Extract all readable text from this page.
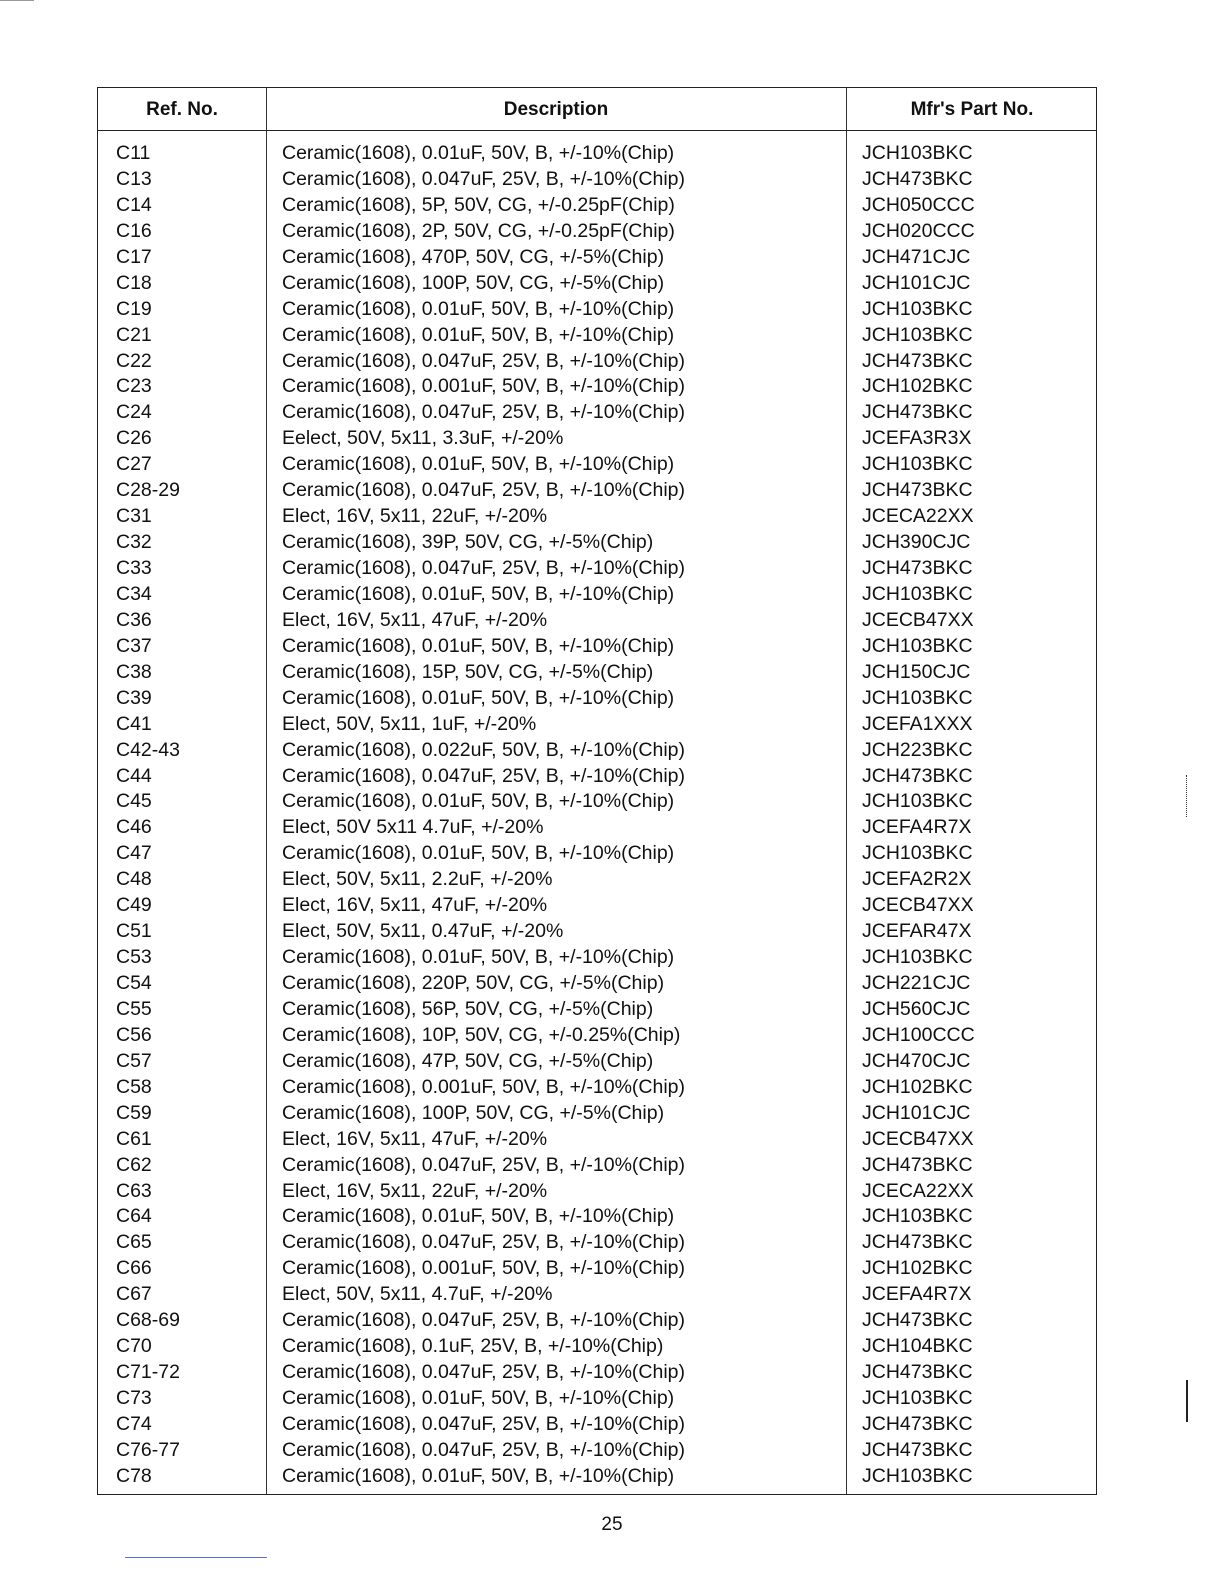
Ref. No.	Description	Mfr's Part No.
C11	Ceramic(1608), 0.01uF, 50V, B, +/-10%(Chip)	JCH103BKC
C13	Ceramic(1608), 0.047uF, 25V, B, +/-10%(Chip)	JCH473BKC
C14	Ceramic(1608), 5P, 50V, CG, +/-0.25pF(Chip)	JCH050CCC
C16	Ceramic(1608), 2P, 50V, CG, +/-0.25pF(Chip)	JCH020CCC
C17	Ceramic(1608), 470P, 50V, CG, +/-5%(Chip)	JCH471CJC
C18	Ceramic(1608), 100P, 50V, CG, +/-5%(Chip)	JCH101CJC
C19	Ceramic(1608), 0.01uF, 50V, B, +/-10%(Chip)	JCH103BKC
C21	Ceramic(1608), 0.01uF, 50V, B, +/-10%(Chip)	JCH103BKC
C22	Ceramic(1608), 0.047uF, 25V, B, +/-10%(Chip)	JCH473BKC
C23	Ceramic(1608), 0.001uF, 50V, B, +/-10%(Chip)	JCH102BKC
C24	Ceramic(1608), 0.047uF, 25V, B, +/-10%(Chip)	JCH473BKC
C26	Eelect, 50V, 5x11, 3.3uF, +/-20%	JCEFA3R3X
C27	Ceramic(1608), 0.01uF, 50V, B, +/-10%(Chip)	JCH103BKC
C28-29	Ceramic(1608), 0.047uF, 25V, B, +/-10%(Chip)	JCH473BKC
C31	Elect, 16V, 5x11, 22uF, +/-20%	JCECA22XX
C32	Ceramic(1608), 39P, 50V, CG, +/-5%(Chip)	JCH390CJC
C33	Ceramic(1608), 0.047uF, 25V, B, +/-10%(Chip)	JCH473BKC
C34	Ceramic(1608), 0.01uF, 50V, B, +/-10%(Chip)	JCH103BKC
C36	Elect, 16V, 5x11, 47uF, +/-20%	JCECB47XX
C37	Ceramic(1608), 0.01uF, 50V, B, +/-10%(Chip)	JCH103BKC
C38	Ceramic(1608), 15P, 50V, CG, +/-5%(Chip)	JCH150CJC
C39	Ceramic(1608), 0.01uF, 50V, B, +/-10%(Chip)	JCH103BKC
C41	Elect, 50V, 5x11, 1uF, +/-20%	JCEFA1XXX
C42-43	Ceramic(1608), 0.022uF, 50V, B, +/-10%(Chip)	JCH223BKC
C44	Ceramic(1608), 0.047uF, 25V, B, +/-10%(Chip)	JCH473BKC
C45	Ceramic(1608), 0.01uF, 50V, B, +/-10%(Chip)	JCH103BKC
C46	Elect, 50V 5x11 4.7uF, +/-20%	JCEFA4R7X
C47	Ceramic(1608), 0.01uF, 50V, B, +/-10%(Chip)	JCH103BKC
C48	Elect, 50V, 5x11, 2.2uF, +/-20%	JCEFA2R2X
C49	Elect, 16V, 5x11, 47uF, +/-20%	JCECB47XX
C51	Elect, 50V, 5x11, 0.47uF, +/-20%	JCEFAR47X
C53	Ceramic(1608), 0.01uF, 50V, B, +/-10%(Chip)	JCH103BKC
C54	Ceramic(1608), 220P, 50V, CG, +/-5%(Chip)	JCH221CJC
C55	Ceramic(1608), 56P, 50V, CG, +/-5%(Chip)	JCH560CJC
C56	Ceramic(1608), 10P, 50V, CG, +/-0.25%(Chip)	JCH100CCC
C57	Ceramic(1608), 47P, 50V, CG, +/-5%(Chip)	JCH470CJC
C58	Ceramic(1608), 0.001uF, 50V, B, +/-10%(Chip)	JCH102BKC
C59	Ceramic(1608), 100P, 50V, CG, +/-5%(Chip)	JCH101CJC
C61	Elect, 16V, 5x11, 47uF, +/-20%	JCECB47XX
C62	Ceramic(1608), 0.047uF, 25V, B, +/-10%(Chip)	JCH473BKC
C63	Elect, 16V, 5x11, 22uF, +/-20%	JCECA22XX
C64	Ceramic(1608), 0.01uF, 50V, B, +/-10%(Chip)	JCH103BKC
C65	Ceramic(1608), 0.047uF, 25V, B, +/-10%(Chip)	JCH473BKC
C66	Ceramic(1608), 0.001uF, 50V, B, +/-10%(Chip)	JCH102BKC
C67	Elect, 50V, 5x11, 4.7uF, +/-20%	JCEFA4R7X
C68-69	Ceramic(1608), 0.047uF, 25V, B, +/-10%(Chip)	JCH473BKC
C70	Ceramic(1608), 0.1uF, 25V, B, +/-10%(Chip)	JCH104BKC
C71-72	Ceramic(1608), 0.047uF, 25V, B, +/-10%(Chip)	JCH473BKC
C73	Ceramic(1608), 0.01uF, 50V, B, +/-10%(Chip)	JCH103BKC
C74	Ceramic(1608), 0.047uF, 25V, B, +/-10%(Chip)	JCH473BKC
C76-77	Ceramic(1608), 0.047uF, 25V, B, +/-10%(Chip)	JCH473BKC
C78	Ceramic(1608), 0.01uF, 50V, B, +/-10%(Chip)	JCH103BKC
25
